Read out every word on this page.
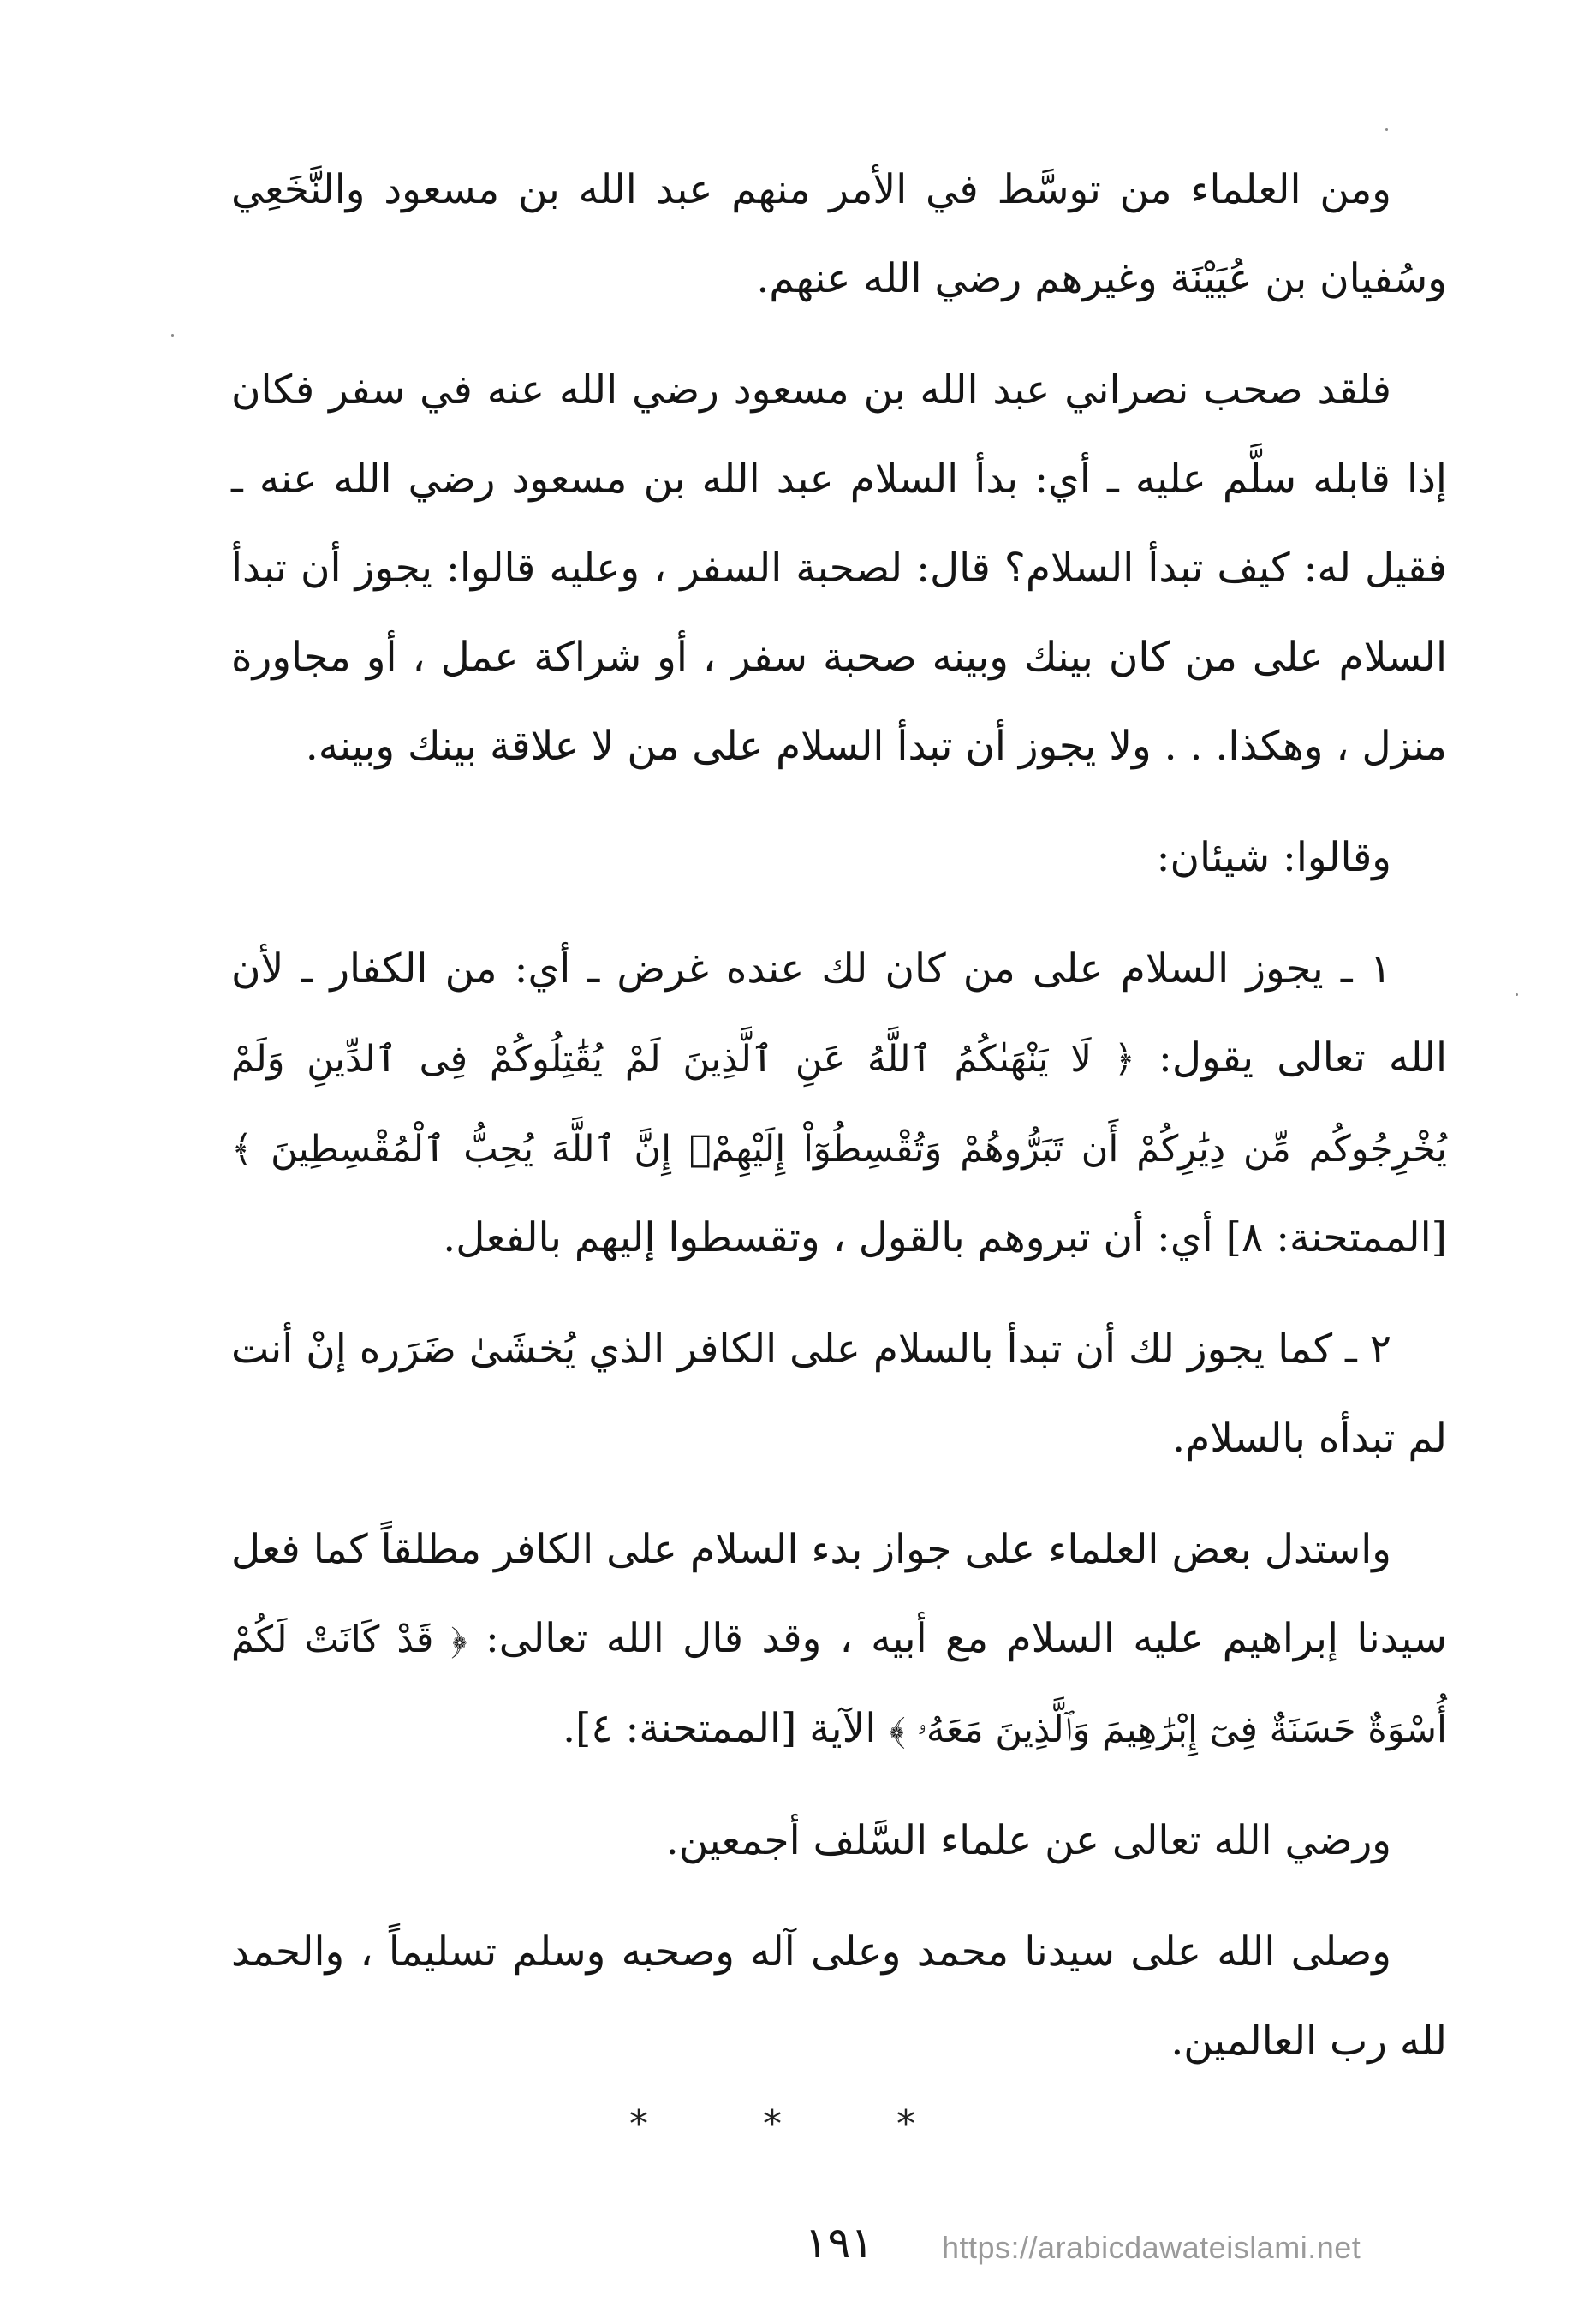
ومن العلماء من توسَّط في الأمر منهم عبد الله بن مسعود والنَّخَعِي وسُفيان بن عُيَيْنَة وغيرهم رضي الله عنهم.

فلقد صحب نصراني عبد الله بن مسعود رضي الله عنه في سفر فكان إذا قابله سلَّم عليه ـ أي: بدأ السلام عبد الله بن مسعود رضي الله عنه ـ فقيل له: كيف تبدأ السلام؟ قال: لصحبة السفر ، وعليه قالوا: يجوز أن تبدأ السلام على من كان بينك وبينه صحبة سفر ، أو شراكة عمل ، أو مجاورة منزل ، وهكذا. . . ولا يجوز أن تبدأ السلام على من لا علاقة بينك وبينه.

وقالوا: شيئان:

١ ـ يجوز السلام على من كان لك عنده غرض ـ أي: من الكفار ـ لأن الله تعالى يقول: ﴿ لَا يَنْهَىٰكُمُ ٱللَّهُ عَنِ ٱلَّذِينَ لَمْ يُقَٰتِلُوكُمْ فِى ٱلدِّينِ وَلَمْ يُخْرِجُوكُم مِّن دِيَٰرِكُمْ أَن تَبَرُّوهُمْ وَتُقْسِطُوٓاْ إِلَيْهِمْۚ إِنَّ ٱللَّهَ يُحِبُّ ٱلْمُقْسِطِينَ ﴾ [الممتحنة: ٨] أي: أن تبروهم بالقول ، وتقسطوا إليهم بالفعل.

٢ ـ كما يجوز لك أن تبدأ بالسلام على الكافر الذي يُخشَىٰ ضَرَره إنْ أنت لم تبدأه بالسلام.

واستدل بعض العلماء على جواز بدء السلام على الكافر مطلقاً كما فعل سيدنا إبراهيم عليه السلام مع أبيه ، وقد قال الله تعالى: ﴿ قَدْ كَانَتْ لَكُمْ أُسْوَةٌ حَسَنَةٌ فِىٓ إِبْرَٰهِيمَ وَٱلَّذِينَ مَعَهُۥ ﴾ الآية [الممتحنة: ٤].

ورضي الله تعالى عن علماء السَّلف أجمعين.

وصلى الله على سيدنا محمد وعلى آله وصحبه وسلم تسليماً ، والحمد لله رب العالمين.

* * *
١٩١	https://arabicdawateislami.net
